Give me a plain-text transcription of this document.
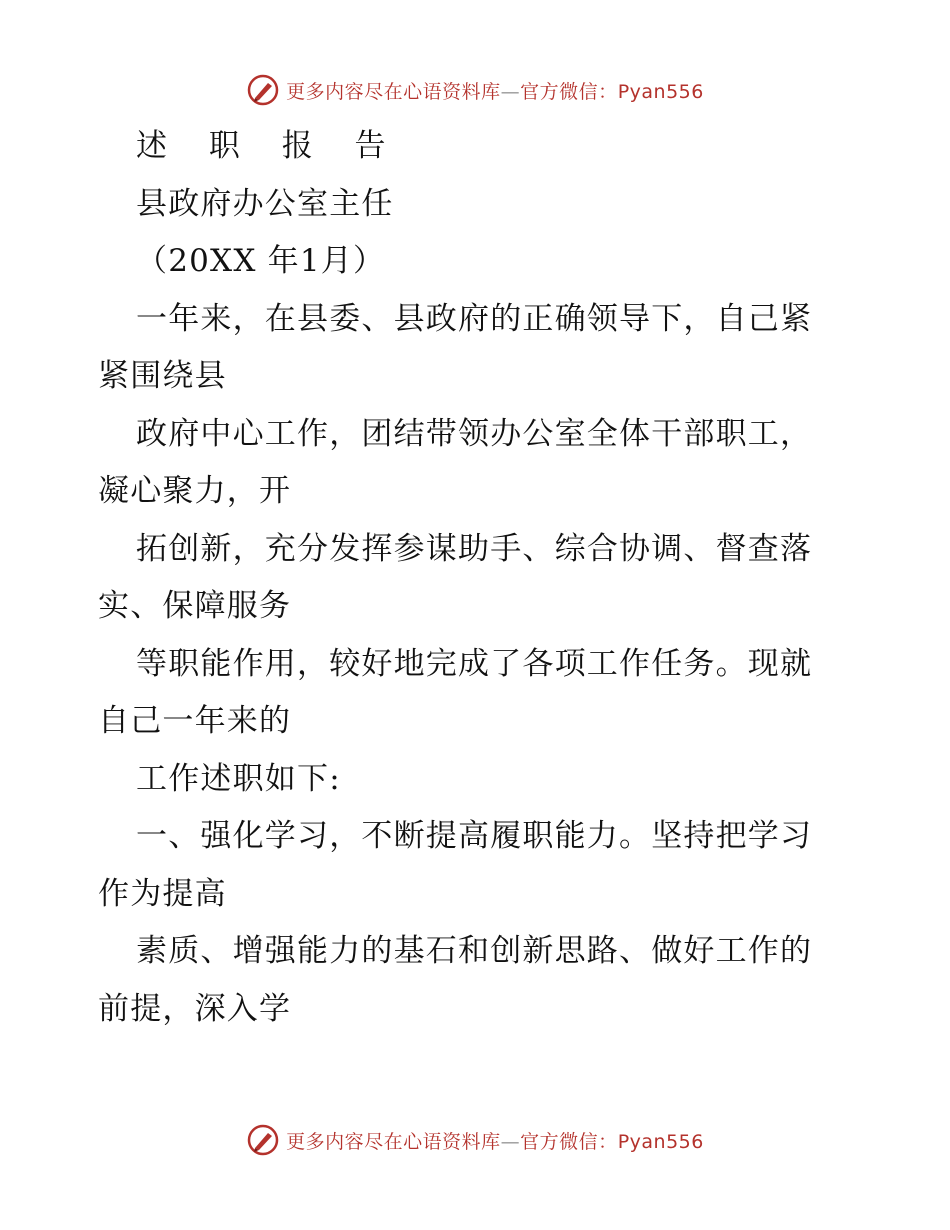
更多内容尽在心语资料库—官方微信：Pyan556
述 职 报 告
县政府办公室主任
（20XX 年1月）
一年来，在县委、县政府的正确领导下，自己紧
紧围绕县
政府中心工作，团结带领办公室全体干部职工，
凝心聚力，开
拓创新，充分发挥参谋助手、综合协调、督查落
实、保障服务
等职能作用，较好地完成了各项工作任务。现就
自己一年来的
工作述职如下:
一、强化学习，不断提高履职能力。坚持把学习
作为提高
素质、增强能力的基石和创新思路、做好工作的
前提，深入学
更多内容尽在心语资料库—官方微信：Pyan556
